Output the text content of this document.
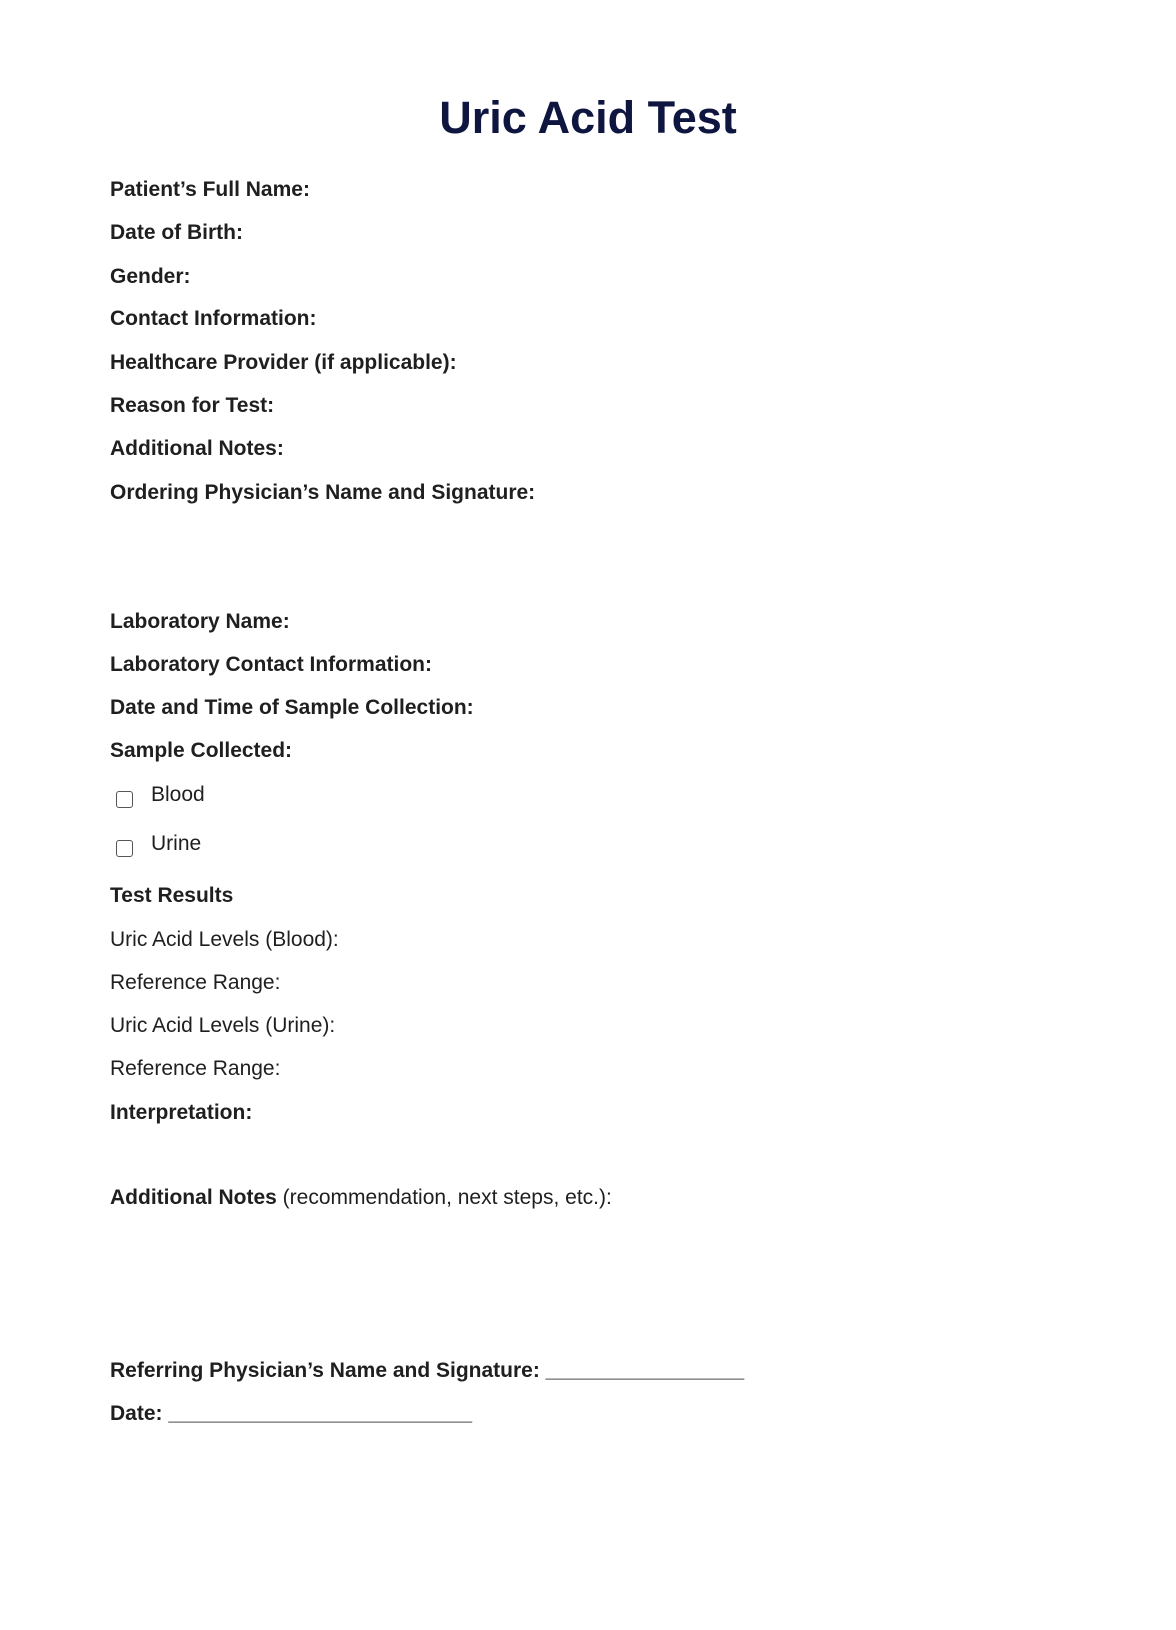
Uric Acid Test
Patient’s Full Name:
Date of Birth:
Gender:
Contact Information:
Healthcare Provider (if applicable):
Reason for Test:
Additional Notes:
Ordering Physician’s Name and Signature:
Laboratory Name:
Laboratory Contact Information:
Date and Time of Sample Collection:
Sample Collected:
Blood
Urine
Test Results
Uric Acid Levels (Blood):
Reference Range:
Uric Acid Levels (Urine):
Reference Range:
Interpretation:
Additional Notes (recommendation, next steps, etc.):
Referring Physician’s Name and Signature: _________________
Date: __________________________
